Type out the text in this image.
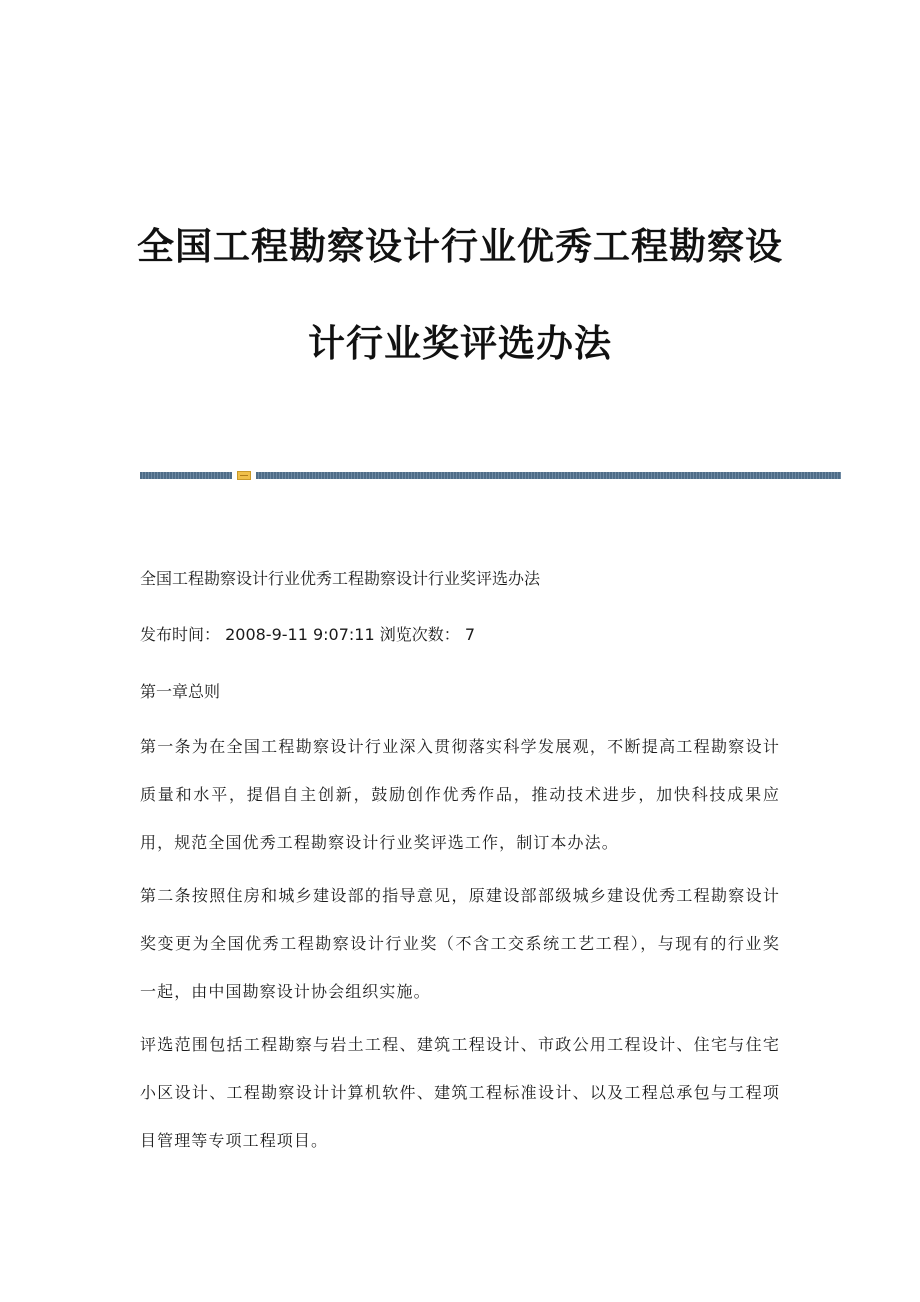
全国工程勘察设计行业优秀工程勘察设
计行业奖评选办法

全国工程勘察设计行业优秀工程勘察设计行业奖评选办法

发布时间： 2008-9-11 9:07:11 浏览次数： 7

第一章总则

第一条为在全国工程勘察设计行业深入贯彻落实科学发展观，不断提高工程勘察设计质量和水平，提倡自主创新，鼓励创作优秀作品，推动技术进步，加快科技成果应用，规范全国优秀工程勘察设计行业奖评选工作，制订本办法。

第二条按照住房和城乡建设部的指导意见，原建设部部级城乡建设优秀工程勘察设计奖变更为全国优秀工程勘察设计行业奖（不含工交系统工艺工程），与现有的行业奖一起，由中国勘察设计协会组织实施。

评选范围包括工程勘察与岩土工程、建筑工程设计、市政公用工程设计、住宅与住宅小区设计、工程勘察设计计算机软件、建筑工程标准设计、以及工程总承包与工程项目管理等专项工程项目。
